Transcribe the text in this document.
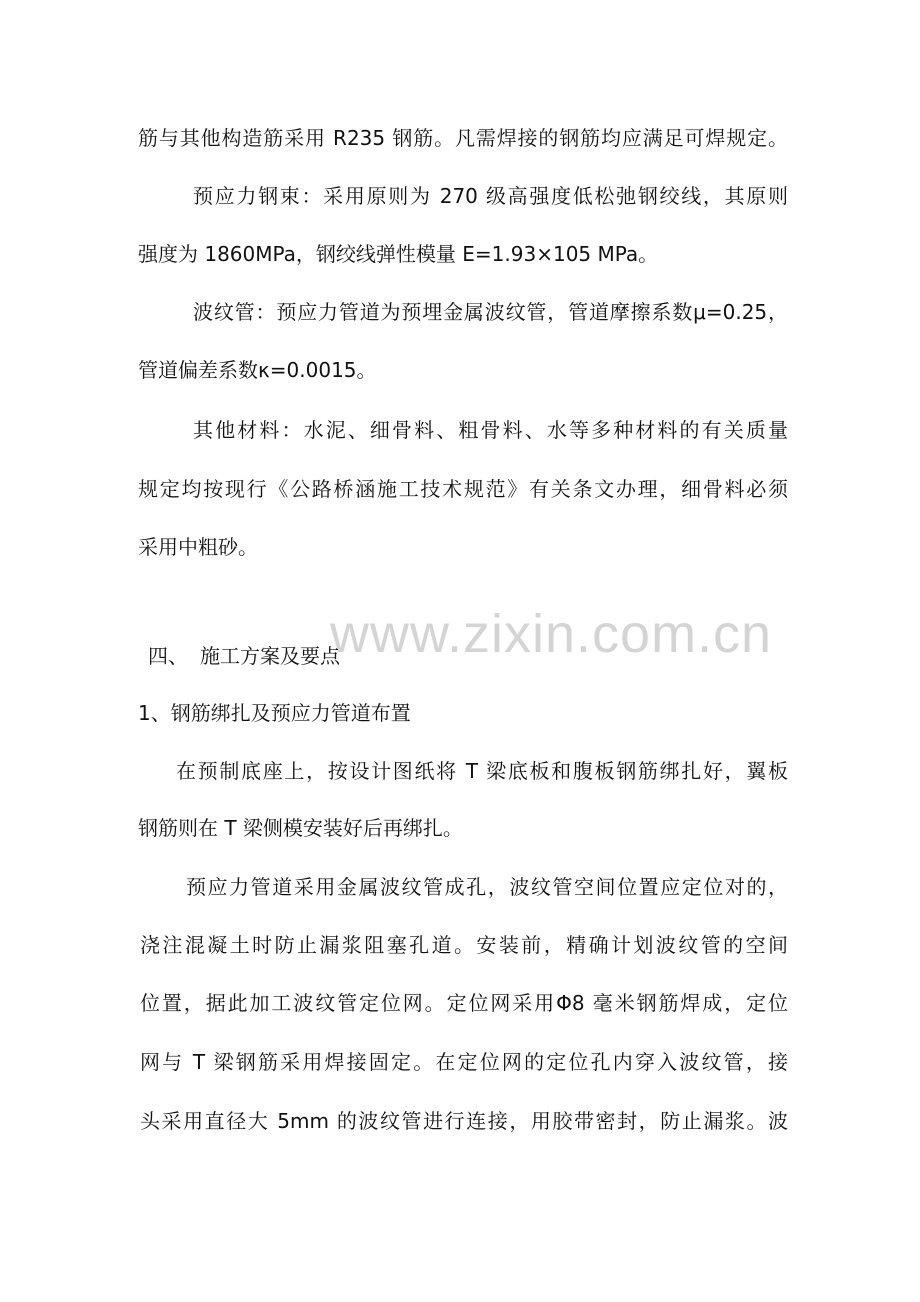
www.zixin.com.cn
筋与其他构造筋采用 R235 钢筋。凡需焊接的钢筋均应满足可焊规定。
预应力钢束：采用原则为 270 级高强度低松弛钢绞线，其原则
强度为 1860MPa，钢绞线弹性模量 E=1.93×105 MPa。
波纹管：预应力管道为预埋金属波纹管，管道摩擦系数μ=0.25，
管道偏差系数κ=0.0015。
其他材料：水泥、细骨料、粗骨料、水等多种材料的有关质量
规定均按现行《公路桥涵施工技术规范》有关条文办理，细骨料必须
采用中粗砂。
四、 施工方案及要点
1、钢筋绑扎及预应力管道布置
在预制底座上，按设计图纸将 T 梁底板和腹板钢筋绑扎好，翼板
钢筋则在 T 梁侧模安装好后再绑扎。
预应力管道采用金属波纹管成孔，波纹管空间位置应定位对的，
浇注混凝土时防止漏浆阻塞孔道。安装前，精确计划波纹管的空间
位置，据此加工波纹管定位网。定位网采用Φ8 毫米钢筋焊成，定位
网与 T 梁钢筋采用焊接固定。在定位网的定位孔内穿入波纹管，接
头采用直径大 5mm 的波纹管进行连接，用胶带密封，防止漏浆。波
